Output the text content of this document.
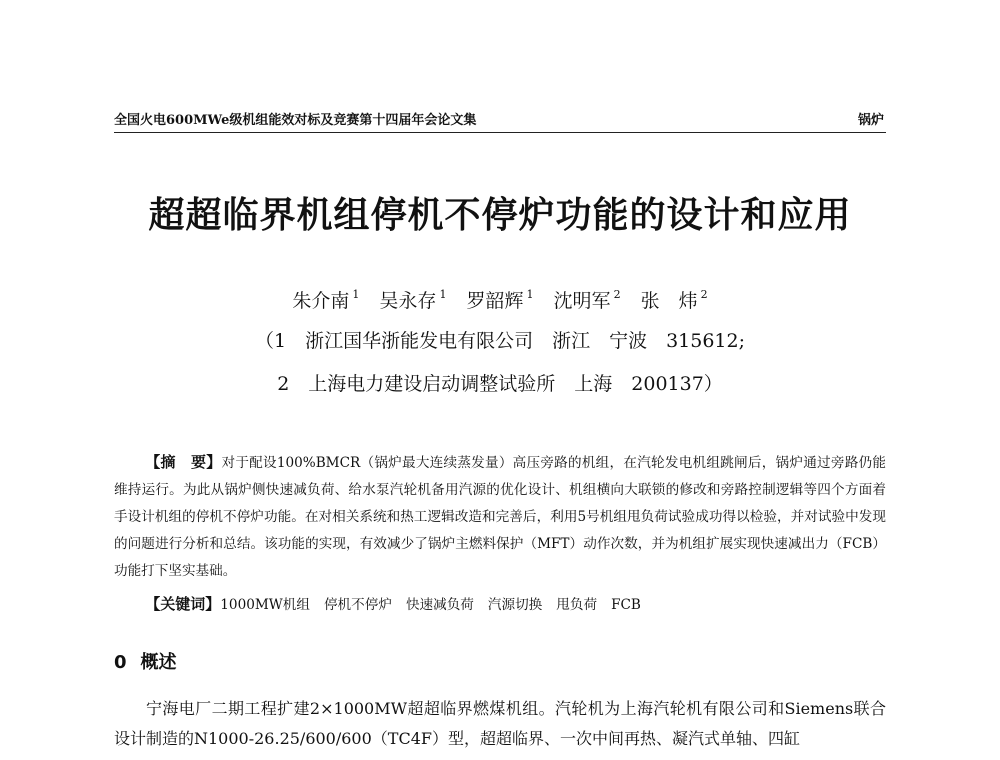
全国火电600MWe级机组能效对标及竞赛第十四届年会论文集	锅炉
超超临界机组停机不停炉功能的设计和应用
朱介南 $^1$ 吴永存 $^1$ 罗韶辉 $^1$ 沈明军 $^2$ 张　炜 $^2$
（1　浙江国华浙能发电有限公司　浙江　宁波　315612;
2　上海电力建设启动调整试验所　上海　200137）
【摘　要】对于配设100%BMCR（锅炉最大连续蒸发量）高压旁路的机组，在汽轮发电机组跳闸后，锅炉通过旁路仍能维持运行。为此从锅炉侧快速减负荷、给水泵汽轮机备用汽源的优化设计、机组横向大联锁的修改和旁路控制逻辑等四个方面着手设计机组的停机不停炉功能。在对相关系统和热工逻辑改造和完善后，利用5号机组甩负荷试验成功得以检验，并对试验中发现的问题进行分析和总结。该功能的实现，有效减少了锅炉主燃料保护（MFT）动作次数，并为机组扩展实现快速减出力（FCB）功能打下坚实基础。
【关键词】1000MW机组 停机不停炉 快速减负荷 汽源切换 甩负荷 FCB
0 概述
宁海电厂二期工程扩建2×1000MW超超临界燃煤机组。汽轮机为上海汽轮机有限公司和Siemens联合设计制造的N1000-26.25/600/600（TC4F）型，超超临界、一次中间再热、凝汽式单轴、四缸
